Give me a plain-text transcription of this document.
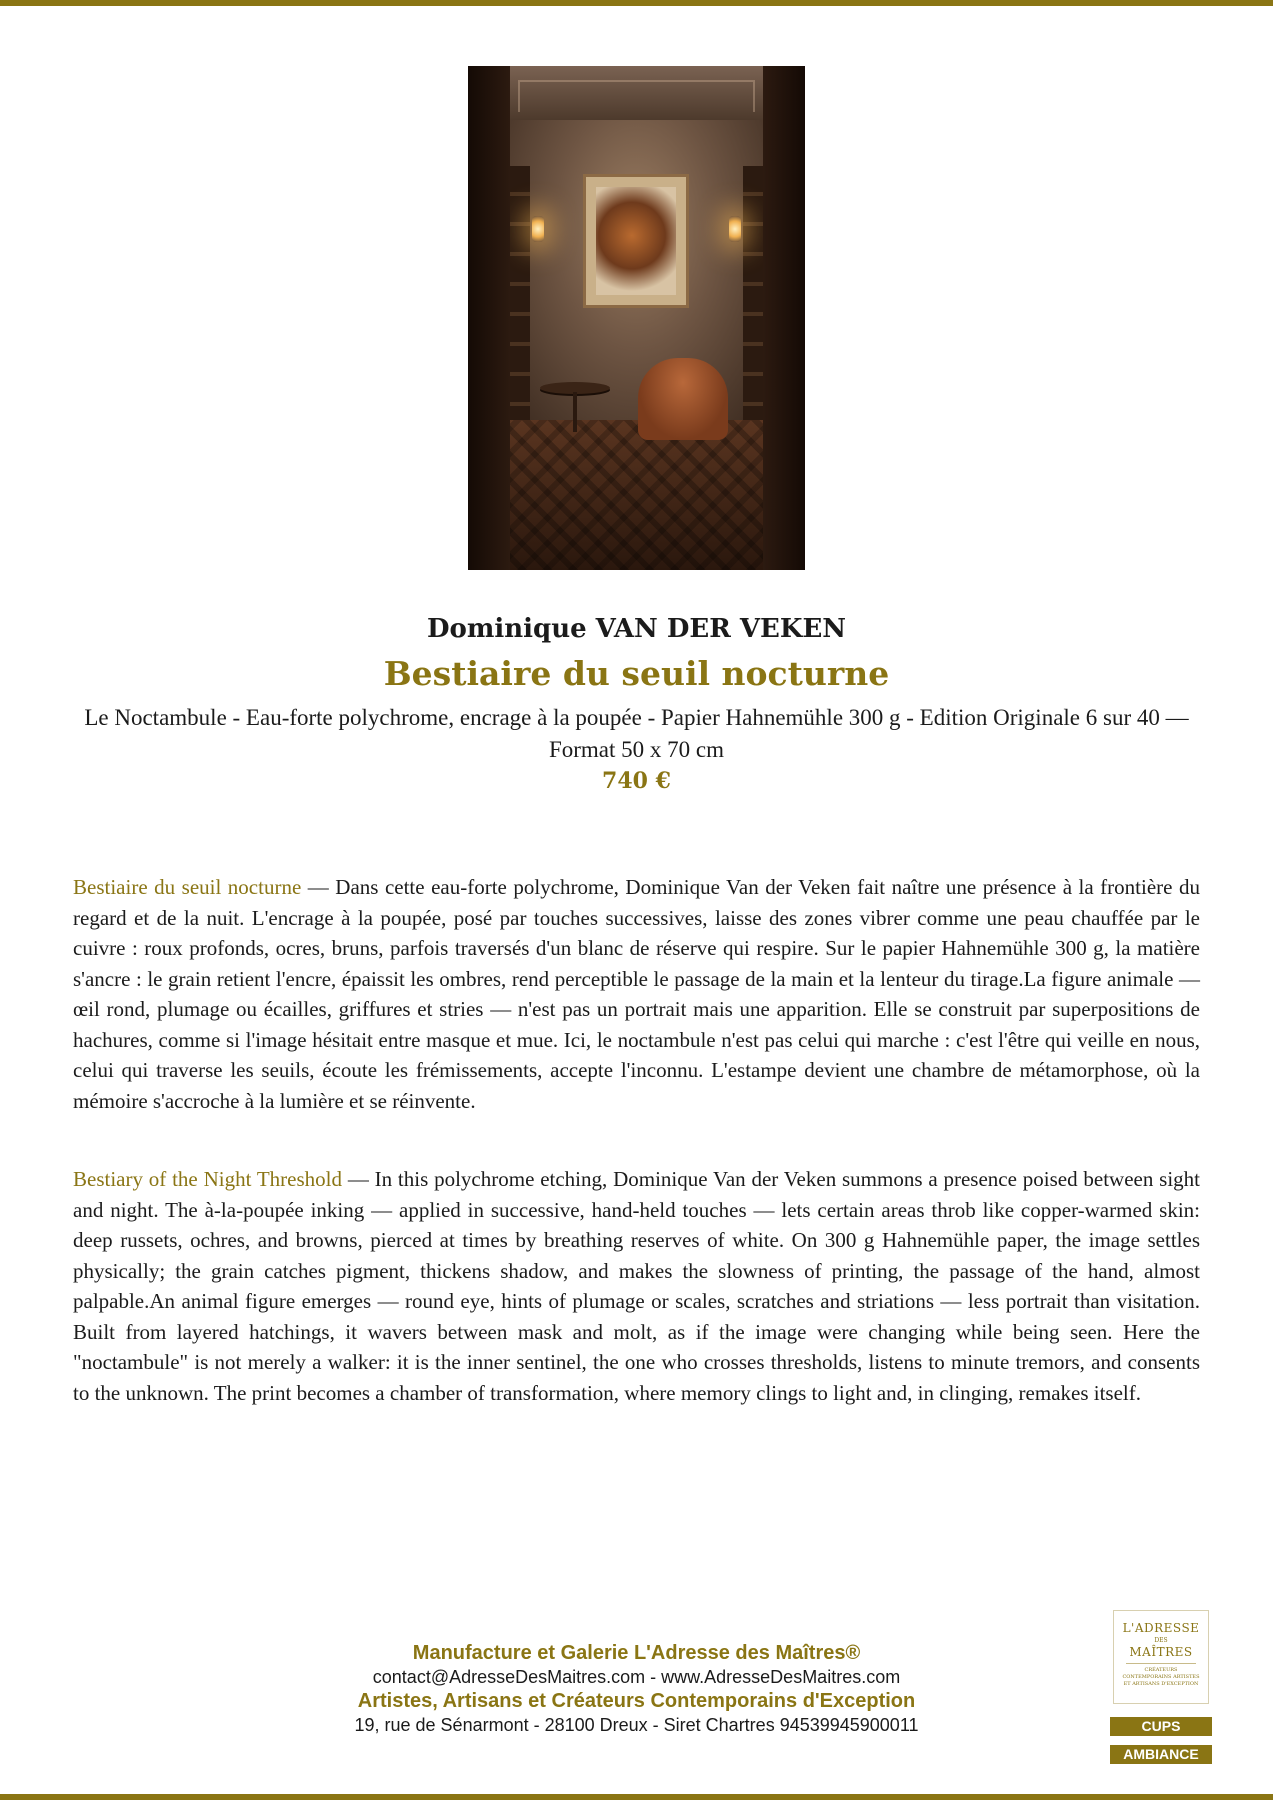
Dominique VAN DER VEKEN
Bestiaire du seuil nocturne

Le Noctambule - Eau-forte polychrome, encrage à la poupée - Papier Hahnemühle 300 g - Edition Originale 6 sur 40 — Format 50 x 70 cm

740 €

Bestiaire du seuil nocturne — Dans cette eau-forte polychrome, Dominique Van der Veken fait naître une présence à la frontière du regard et de la nuit. L'encrage à la poupée, posé par touches successives, laisse des zones vibrer comme une peau chauffée par le cuivre : roux profonds, ocres, bruns, parfois traversés d'un blanc de réserve qui respire. Sur le papier Hahnemühle 300 g, la matière s'ancre : le grain retient l'encre, épaissit les ombres, rend perceptible le passage de la main et la lenteur du tirage.La figure animale — œil rond, plumage ou écailles, griffures et stries — n'est pas un portrait mais une apparition. Elle se construit par superpositions de hachures, comme si l'image hésitait entre masque et mue. Ici, le noctambule n'est pas celui qui marche : c'est l'être qui veille en nous, celui qui traverse les seuils, écoute les frémissements, accepte l'inconnu. L'estampe devient une chambre de métamorphose, où la mémoire s'accroche à la lumière et se réinvente.

Bestiary of the Night Threshold — In this polychrome etching, Dominique Van der Veken summons a presence poised between sight and night. The à-la-poupée inking — applied in successive, hand-held touches — lets certain areas throb like copper-warmed skin: deep russets, ochres, and browns, pierced at times by breathing reserves of white. On 300 g Hahnemühle paper, the image settles physically; the grain catches pigment, thickens shadow, and makes the slowness of printing, the passage of the hand, almost palpable.An animal figure emerges — round eye, hints of plumage or scales, scratches and striations — less portrait than visitation. Built from layered hatchings, it wavers between mask and molt, as if the image were changing while being seen. Here the "noctambule" is not merely a walker: it is the inner sentinel, the one who crosses thresholds, listens to minute tremors, and consents to the unknown. The print becomes a chamber of transformation, where memory clings to light and, in clinging, remakes itself.

Manufacture et Galerie L'Adresse des Maîtres®
contact@AdresseDesMaitres.com - www.AdresseDesMaitres.com
Artistes, Artisans et Créateurs Contemporains d'Exception
19, rue de Sénarmont - 28100 Dreux - Siret Chartres 94539945900011
L'ADRESSE
DES
MAÎTRES
CRÉATEURS CONTEMPORAINS ARTISTES ET ARTISANS D'EXCEPTION
CUPS
AMBIANCE
